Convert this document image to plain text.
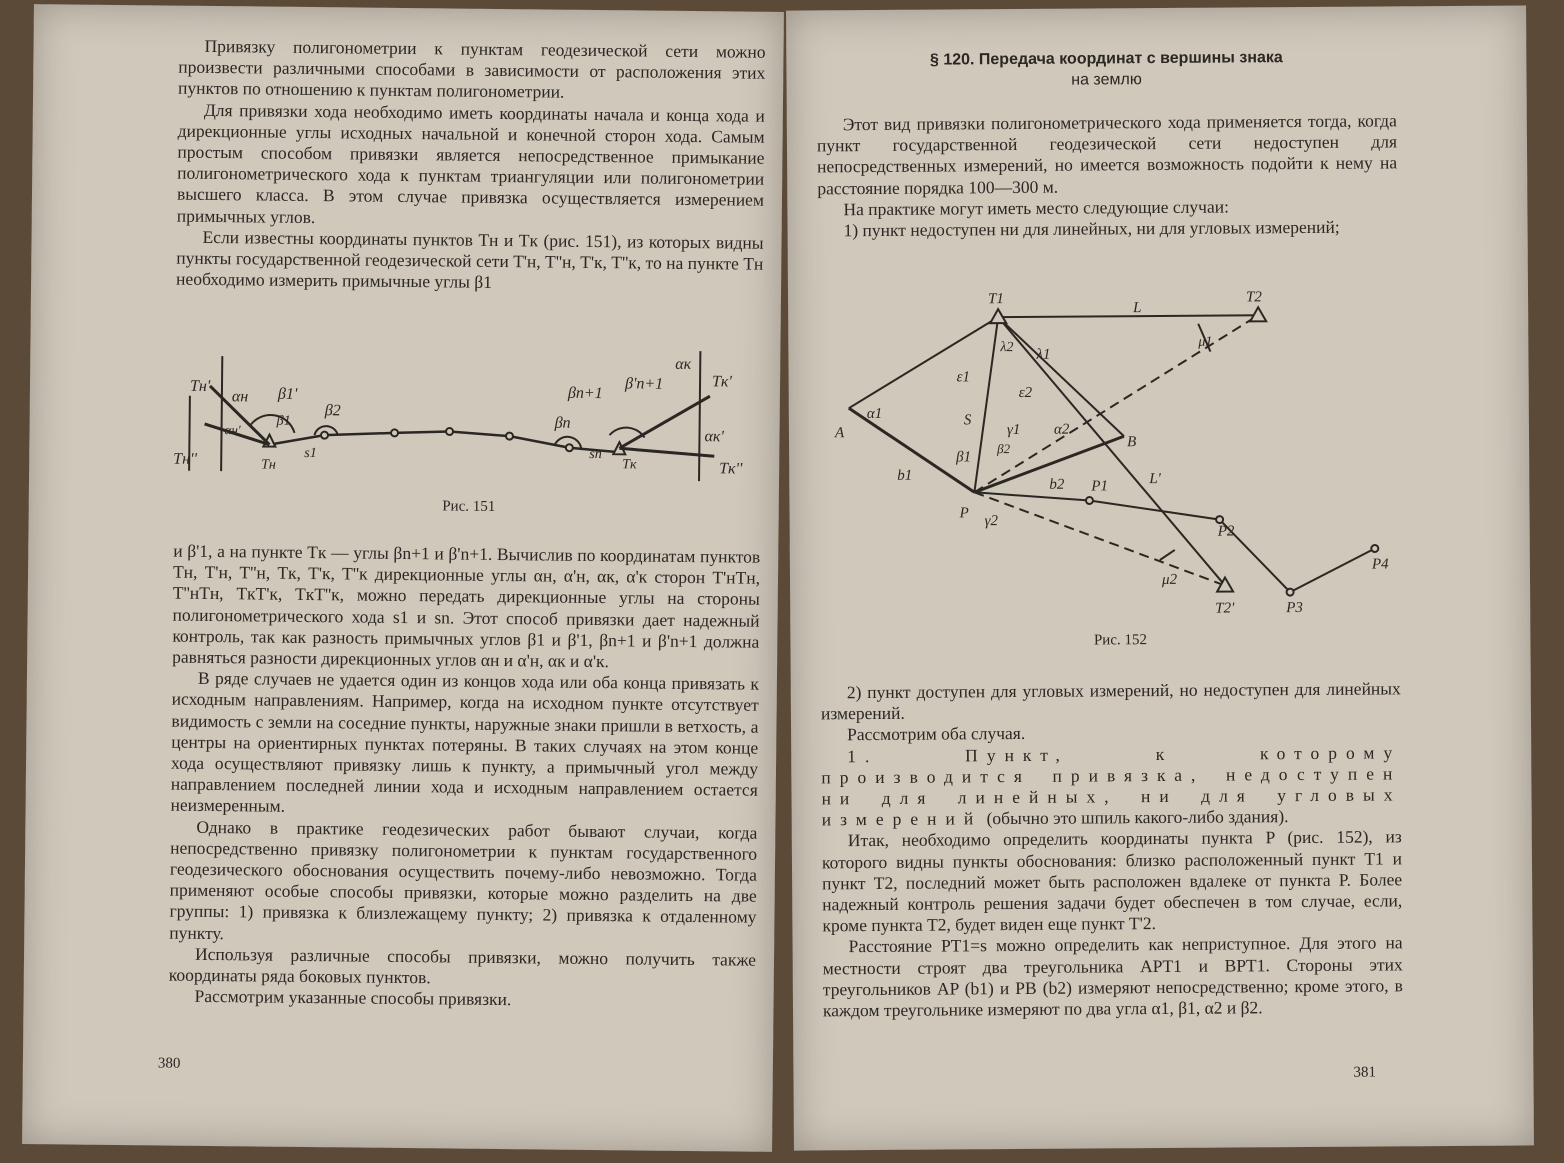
Привязку полигонометрии к пунктам геодезической сети можно произвести различными способами в зависимости от расположения этих пунктов по отношению к пунктам полигонометрии.

Для привязки хода необходимо иметь координаты начала и конца хода и дирекционные углы исходных начальной и конечной сторон хода. Самым простым способом привязки является непосредственное примыкание полигонометрического хода к пунктам триангуляции или полигонометрии высшего класса. В этом случае привязка осуществляется измерением примычных углов.

Если известны координаты пунктов Tн и Tк (рис. 151), из которых видны пункты государственной геодезической сети T'н, T''н, T'к, T''к, то на пункте Tн необходимо измерить примычные углы β1

Tн'
Tн''
αн
αн'
β1'
β1
β2
s1
Tн
βn+1
β'n+1
βn
sn
Tк
αк
Tк'
αк'
Tк''
Рис. 151

и β'1, а на пункте Tк — углы βn+1 и β'n+1. Вычислив по координатам пунктов Tн, T'н, T''н, Tк, T'к, T''к дирекционные углы αн, α'н, αк, α'к сторон T'нTн, T''нTн, TкT'к, TкT''к, можно передать дирекционные углы на стороны полигонометрического хода s1 и sn. Этот способ привязки дает надежный контроль, так как разность примычных углов β1 и β'1, βn+1 и β'n+1 должна равняться разности дирекционных углов αн и α'н, αк и α'к.

В ряде случаев не удается один из концов хода или оба конца привязать к исходным направлениям. Например, когда на исходном пункте отсутствует видимость с земли на соседние пункты, наружные знаки пришли в ветхость, а центры на ориентирных пунктах потеряны. В таких случаях на этом конце хода осуществляют привязку лишь к пункту, а примычный угол между направлением последней линии хода и исходным направлением остается неизмеренным.

Однако в практике геодезических работ бывают случаи, когда непосредственно привязку полигонометрии к пунктам государственного геодезического обоснования осуществить почему-либо невозможно. Тогда применяют особые способы привязки, которые можно разделить на две группы: 1) привязка к близлежащему пункту; 2) привязка к отдаленному пункту.

Используя различные способы привязки, можно получить также координаты ряда боковых пунктов.

Рассмотрим указанные способы привязки.

380
§ 120. Передача координат с вершины знака
на землю

Этот вид привязки полигонометрического хода применяется тогда, когда пункт государственной геодезической сети недоступен для непосредственных измерений, но имеется возможность подойти к нему на расстояние порядка 100—300 м.

На практике могут иметь место следующие случаи:

1) пункт недоступен ни для линейных, ни для угловых измерений;

T1
L
T2
μ1
λ2 λ1
ε1
ε2
A
α1	S
γ1 α2
B
β1
β2
b1
b2	L'
P1
P γ2
P2
P4
μ2
T2'	P3
Рис. 152

2) пункт доступен для угловых измерений, но недоступен для линейных измерений.

Рассмотрим оба случая.

1. Пункт, к которому производится привязка, недоступен ни для линейных, ни для угловых измерений (обычно это шпиль какого-либо здания).

Итак, необходимо определить координаты пункта P (рис. 152), из которого видны пункты обоснования: близко расположенный пункт T1 и пункт T2, последний может быть расположен вдалеке от пункта P. Более надежный контроль решения задачи будет обеспечен в том случае, если, кроме пункта T2, будет виден еще пункт T'2.

Расстояние PT1=s можно определить как неприступное. Для этого на местности строят два треугольника APT1 и BPT1. Стороны этих треугольников AP (b1) и PB (b2) измеряют непосредственно; кроме этого, в каждом треугольнике измеряют по два угла α1, β1, α2 и β2.

381
